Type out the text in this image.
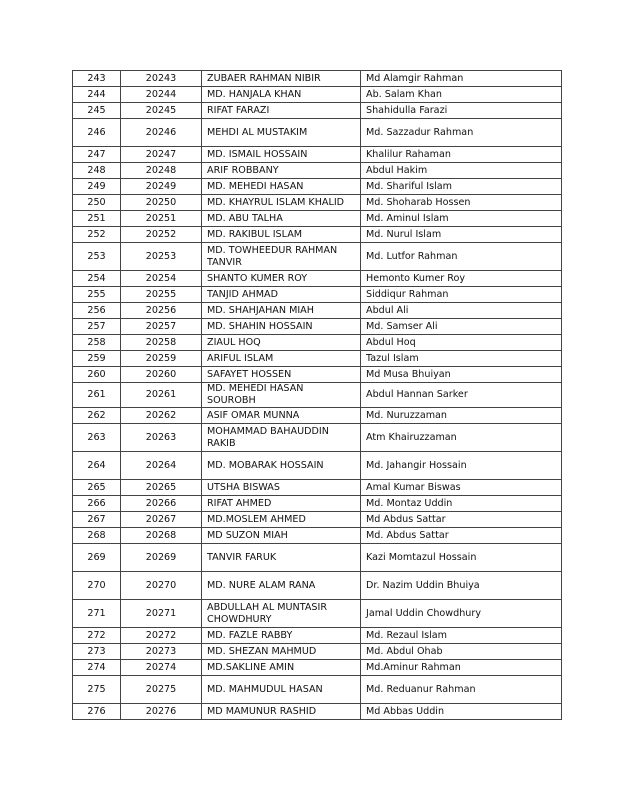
243	20243	ZUBAER RAHMAN NIBIR	Md Alamgir Rahman
244	20244	MD. HANJALA KHAN	Ab. Salam Khan
245	20245	RIFAT FARAZI	Shahidulla Farazi
246	20246	MEHDI AL MUSTAKIM	Md. Sazzadur Rahman
247	20247	MD. ISMAIL HOSSAIN	Khalilur Rahaman
248	20248	ARIF ROBBANY	Abdul Hakim
249	20249	MD. MEHEDI HASAN	Md. Shariful Islam
250	20250	MD. KHAYRUL ISLAM KHALID	Md. Shoharab Hossen
251	20251	MD. ABU TALHA	Md. Aminul Islam
252	20252	MD. RAKIBUL ISLAM	Md. Nurul Islam
253	20253	MD. TOWHEEDUR RAHMAN TANVIR	Md. Lutfor Rahman
254	20254	SHANTO KUMER ROY	Hemonto Kumer Roy
255	20255	TANJID AHMAD	Siddiqur Rahman
256	20256	MD. SHAHJAHAN MIAH	Abdul Ali
257	20257	MD. SHAHIN HOSSAIN	Md. Samser Ali
258	20258	ZIAUL HOQ	Abdul Hoq
259	20259	ARIFUL ISLAM	Tazul Islam
260	20260	SAFAYET HOSSEN	Md Musa Bhuiyan
261	20261	MD. MEHEDI HASAN SOUROBH	Abdul Hannan Sarker
262	20262	ASIF OMAR MUNNA	Md. Nuruzzaman
263	20263	MOHAMMAD BAHAUDDIN RAKIB	Atm Khairuzzaman
264	20264	MD. MOBARAK HOSSAIN	Md. Jahangir Hossain
265	20265	UTSHA BISWAS	Amal Kumar Biswas
266	20266	RIFAT AHMED	Md. Montaz Uddin
267	20267	MD.MOSLEM AHMED	Md Abdus Sattar
268	20268	MD SUZON MIAH	Md. Abdus Sattar
269	20269	TANVIR FARUK	Kazi Momtazul Hossain
270	20270	MD. NURE ALAM RANA	Dr. Nazim Uddin Bhuiya
271	20271	ABDULLAH AL MUNTASIR CHOWDHURY	Jamal Uddin Chowdhury
272	20272	MD. FAZLE RABBY	Md. Rezaul Islam
273	20273	MD. SHEZAN MAHMUD	Md. Abdul Ohab
274	20274	MD.SAKLINE AMIN	Md.Aminur Rahman
275	20275	MD. MAHMUDUL HASAN	Md. Reduanur Rahman
276	20276	MD MAMUNUR RASHID	Md Abbas Uddin
